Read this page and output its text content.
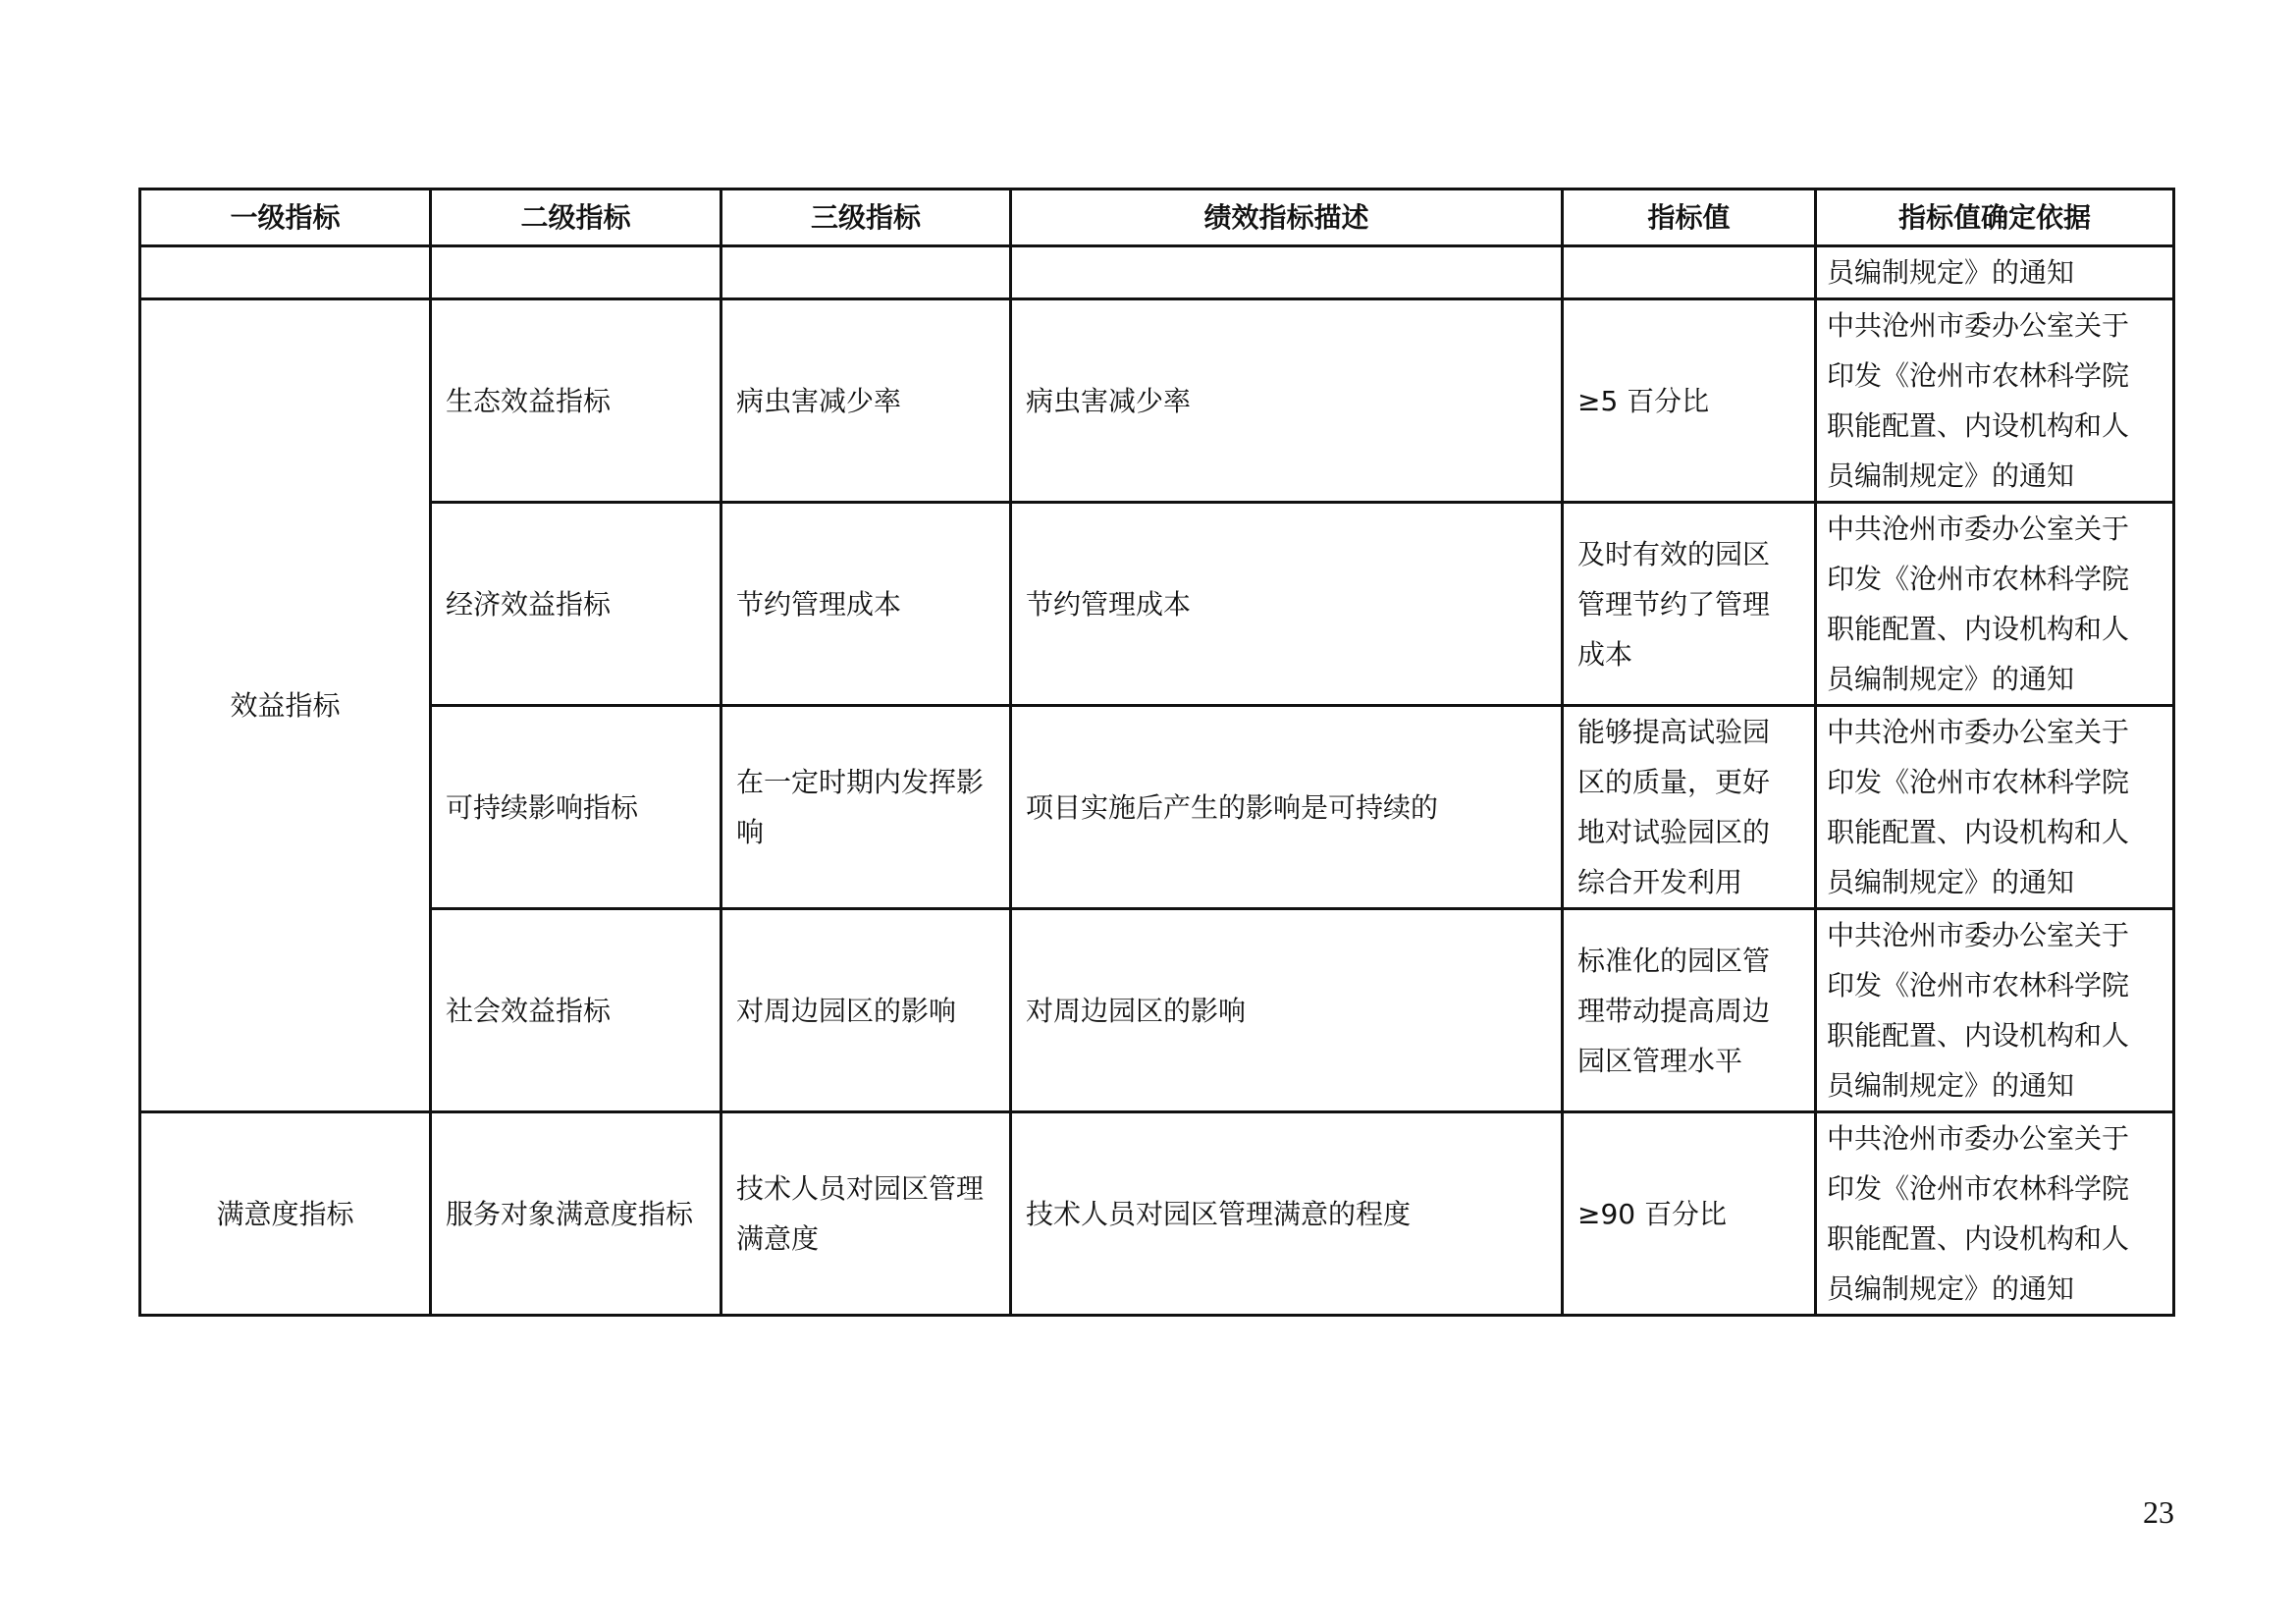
一级指标	二级指标	三级指标	绩效指标描述	指标值	指标值确定依据
					员编制规定》的通知
效益指标	生态效益指标	病虫害减少率	病虫害减少率	≥5 百分比	中共沧州市委办公室关于
印发《沧州市农林科学院
职能配置、内设机构和人
员编制规定》的通知
	经济效益指标	节约管理成本	节约管理成本	及时有效的园区
管理节约了管理
成本	中共沧州市委办公室关于
印发《沧州市农林科学院
职能配置、内设机构和人
员编制规定》的通知
	可持续影响指标	在一定时期内发挥影
响	项目实施后产生的影响是可持续的	能够提高试验园
区的质量，更好
地对试验园区的
综合开发利用	中共沧州市委办公室关于
印发《沧州市农林科学院
职能配置、内设机构和人
员编制规定》的通知
	社会效益指标	对周边园区的影响	对周边园区的影响	标准化的园区管
理带动提高周边
园区管理水平	中共沧州市委办公室关于
印发《沧州市农林科学院
职能配置、内设机构和人
员编制规定》的通知
满意度指标	服务对象满意度指标	技术人员对园区管理
满意度	技术人员对园区管理满意的程度	≥90 百分比	中共沧州市委办公室关于
印发《沧州市农林科学院
职能配置、内设机构和人
员编制规定》的通知
23
